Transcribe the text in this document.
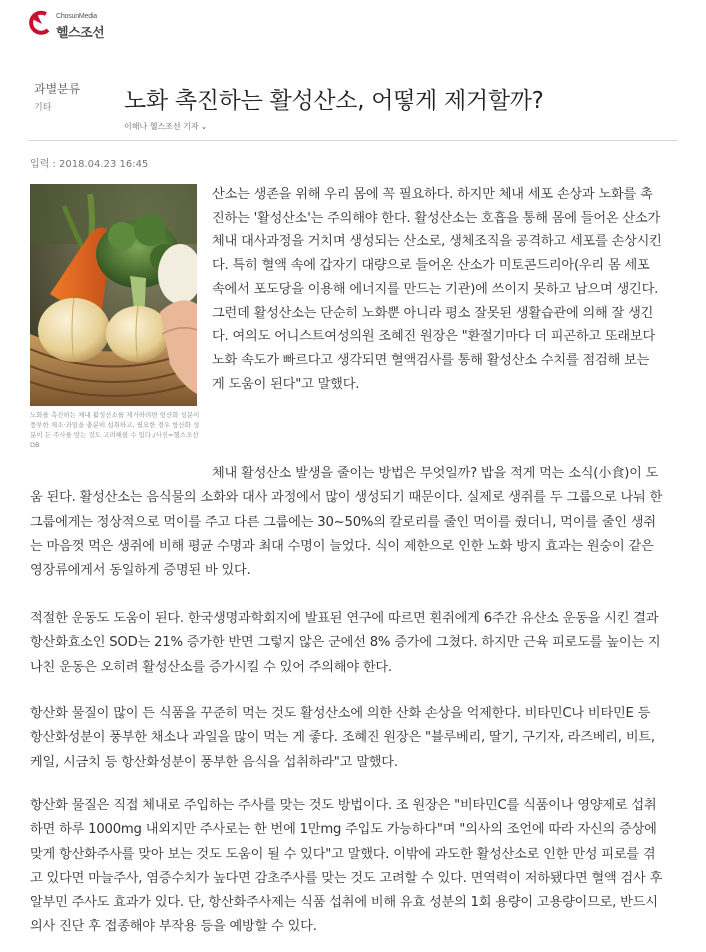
ChosunMedia
헬스조선
과별분류
기타	노화 촉진하는 활성산소, 어떻게 제거할까?
이해나 헬스조선 기자 ⌄
입력 : 2018.04.23 16:45
노화를 촉진하는 체내 활성산소를 제거하려면 항산화 성분이 풍부한 채소·과일을 충분히 섭취하고, 필요한 경우 항산화 성분이 든 주사를 맞는 것도 고려해볼 수 있다./사진=헬스조선 DB

산소는 생존을 위해 우리 몸에 꼭 필요하다. 하지만 체내 세포 손상과 노화를 촉진하는 '활성산소'는 주의해야 한다. 활성산소는 호흡을 통해 몸에 들어온 산소가 체내 대사과정을 거치며 생성되는 산소로, 생체조직을 공격하고 세포를 손상시킨다. 특히 혈액 속에 갑자기 대량으로 들어온 산소가 미토콘드리아(우리 몸 세포 속에서 포도당을 이용해 에너지를 만드는 기관)에 쓰이지 못하고 남으며 생긴다. 그런데 활성산소는 단순히 노화뿐 아니라 평소 잘못된 생활습관에 의해 잘 생긴다. 여의도 어니스트여성의원 조혜진 원장은 "환절기마다 더 피곤하고 또래보다 노화 속도가 빠르다고 생각되면 혈액검사를 통해 활성산소 수치를 점검해 보는 게 도움이 된다"고 말했다.

체내 활성산소 발생을 줄이는 방법은 무엇일까? 밥을 적게 먹는 소식(小食)이 도움 된다. 활성산소는 음식물의 소화와 대사 과정에서 많이 생성되기 때문이다. 실제로 생쥐를 두 그룹으로 나눠 한 그룹에게는 정상적으로 먹이를 주고 다른 그룹에는 30~50%의 칼로리를 줄인 먹이를 줬더니, 먹이를 줄인 생쥐는 마음껏 먹은 생쥐에 비해 평균 수명과 최대 수명이 늘었다. 식이 제한으로 인한 노화 방지 효과는 원숭이 같은 영장류에게서 동일하게 증명된 바 있다.

적절한 운동도 도움이 된다. 한국생명과학회지에 발표된 연구에 따르면 흰쥐에게 6주간 유산소 운동을 시킨 결과 항산화효소인 SOD는 21% 증가한 반면 그렇지 않은 군에선 8% 증가에 그쳤다. 하지만 근육 피로도를 높이는 지나친 운동은 오히려 활성산소를 증가시킬 수 있어 주의해야 한다.

항산화 물질이 많이 든 식품을 꾸준히 먹는 것도 활성산소에 의한 산화 손상을 억제한다. 비타민C나 비타민E 등 항산화성분이 풍부한 채소나 과일을 많이 먹는 게 좋다. 조혜진 원장은 "블루베리, 딸기, 구기자, 라즈베리, 비트, 케일, 시금치 등 항산화성분이 풍부한 음식을 섭취하라"고 말했다.

항산화 물질은 직접 체내로 주입하는 주사를 맞는 것도 방법이다. 조 원장은 "비타민C를 식품이나 영양제로 섭취하면 하루 1000mg 내외지만 주사로는 한 번에 1만mg 주입도 가능하다"며 "의사의 조언에 따라 자신의 증상에 맞게 항산화주사를 맞아 보는 것도 도움이 될 수 있다"고 말했다. 이밖에 과도한 활성산소로 인한 만성 피로를 겪고 있다면 마늘주사, 염증수치가 높다면 감초주사를 맞는 것도 고려할 수 있다. 면역력이 저하됐다면 혈액 검사 후 알부민 주사도 효과가 있다. 단, 항산화주사제는 식품 섭취에 비해 유효 성분의 1회 용량이 고용량이므로, 반드시 의사 진단 후 접종해야 부작용 등을 예방할 수 있다.
